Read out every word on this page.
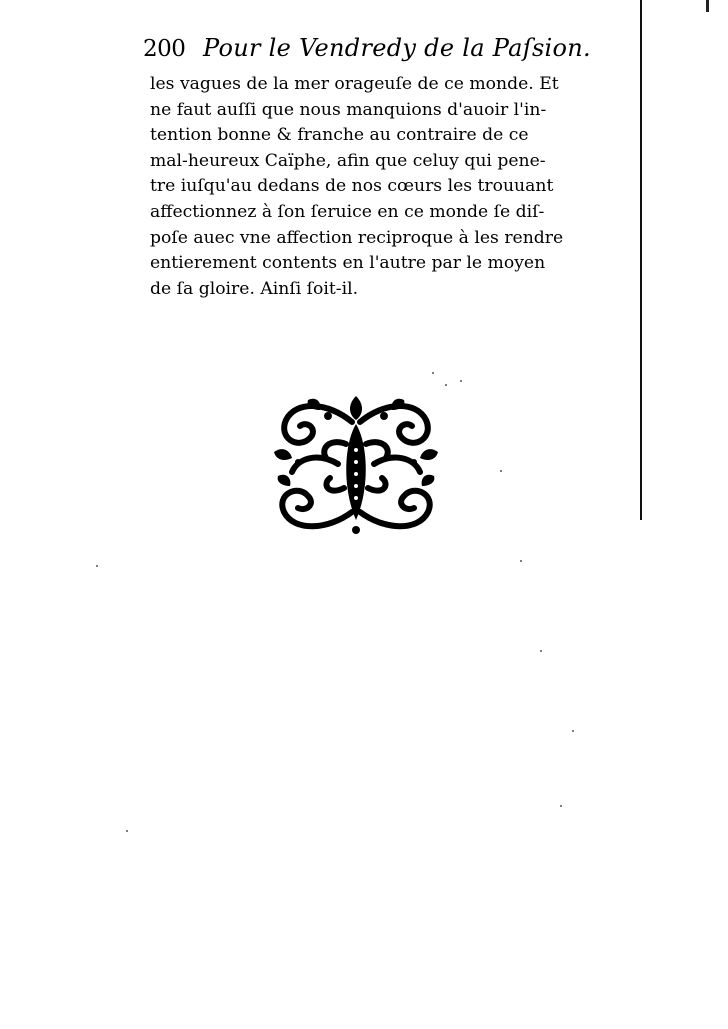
200 Pour le Vendredy de la Paſsion.
les vagues de la mer orageuſe de ce monde. Et
ne faut auſſi que nous manquions d'auoir l'in-
tention bonne & franche au contraire de ce
mal-heureux Caïphe, afin que celuy qui pene-
tre iuſqu'au dedans de nos cœurs les trouuant
affectionnez à ſon ſeruice en ce monde ſe diſ-
poſe auec vne affection reciproque à les rendre
entierement contents en l'autre par le moyen
de ſa gloire. Ainſi ſoit-il.
